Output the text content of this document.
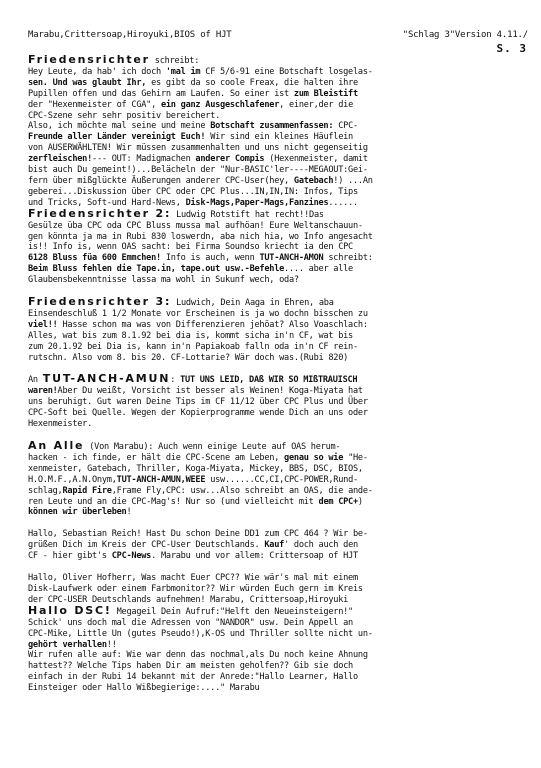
Marabu,Crittersoap,Hiroyuki,BIOS of HJT	"Schlag 3"Version 4.11./
S. 3
Friedensrichter schreibt:
Hey Leute, da hab' ich doch 'mal im CF 5/6-91 eine Botschaft losgelas-
sen. Und was glaubt Ihr, es gibt da so coole Freax, die halten ihre
Pupillen offen und das Gehirn am Laufen. So einer ist zum Bleistift
der "Hexenmeister of CGA", ein ganz Ausgeschlafener, einer,der die
CPC-Szene sehr sehr positiv bereichert.
Also, ich möchte mal seine und meine Botschaft zusammenfassen: CPC-
Freunde aller Länder vereinigt Euch! Wir sind ein kleines Häuflein
von AUSERWÄHLTEN! Wir müssen zusammenhalten und uns nicht gegenseitig
zerfleischen!--- OUT: Madigmachen anderer Compis (Hexenmeister, damit
bist auch Du gemeint!)...Belächeln der "Nur-BASIC'ler----MEGAOUT:Gei-
fern über mißglückte Äußerungen anderer CPC-User(hey, Gatebach!) ...An
geberei...Diskussion über CPC oder CPC Plus...IN,IN,IN: Infos, Tips
und Tricks, Soft-und Hard-News, Disk-Mags,Paper-Mags,Fanzines......
Friedensrichter 2: Ludwig Rotstift hat recht!!Das
Gesülze üba CPC oda CPC Bluss mussa mal aufhöan! Eure Weltanschauun-
gen könnta ja ma in Rubi 830 loswerdn, aba nich hia, wo Info angesacht
is!! Info is, wenn OAS sacht: bei Firma Soundso kriecht ia den CPC
6128 Bluss füa 600 Emmchen! Info is auch, wenn TUT-ANCH-AMON schreibt:
Beim Bluss fehlen die Tape.in, tape.out usw.-Befehle.... aber alle
Glaubensbekenntnisse lassa ma wohl in Sukunf wech, oda?
Friedensrichter 3: Ludwich, Dein Aaga in Ehren, aba
Einsendeschluß 1 1/2 Monate vor Erscheinen is ja wo dochn bisschen zu
viel!! Hasse schon ma was von Differenzieren jehöat? Also Voaschlach:
Alles, wat bis zum 8.1.92 bei dia is, kommt sicha in'n CF, wat bis
zum 20.1.92 bei Dia is, kann in'n Papiakoab falln oda in'n CF rein-
rutschn. Also vom 8. bis 20. CF-Lottarie? Wär doch was.(Rubi 820)
An TUT-ANCH-AMUN: TUT UNS LEID, DAß WIR SO MIßTRAUISCH
waren!Aber Du weißt, Vorsicht ist besser als Weinen! Koga-Miyata hat
uns beruhigt. Gut waren Deine Tips im CF 11/12 über CPC Plus und Über
CPC-Soft bei Quelle. Wegen der Kopierprogramme wende Dich an uns oder
Hexenmeister.
An Alle (Von Marabu): Auch wenn einige Leute auf OAS herum-
hacken - ich finde, er hält die CPC-Scene am Leben, genau so wie "He-
xenmeister, Gatebach, Thriller, Koga-Miyata, Mickey, BBS, DSC, BIOS,
H.O.M.F.,A.N.Onym,TUT-ANCH-AMUN,WEEE usw......CC,CI,CPC-POWER,Rund-
schlag,Rapid Fire,Frame Fly,CPC: usw...Also schreibt an OAS, die ande-
ren Leute und an die CPC-Mag's! Nur so (und vielleicht mit dem CPC+)
können wir überleben!
Hallo, Sebastian Reich! Hast Du schon Deine DD1 zum CPC 464 ? Wir be-
grüßen Dich im Kreis der CPC-User Deutschlands. Kauf' doch auch den
CF - hier gibt's CPC-News. Marabu und vor allem: Crittersoap of HJT
Hallo, Oliver Hofherr, Was macht Euer CPC?? Wie wär's mal mit einem
Disk-Laufwerk oder einem Farbmonitor?? Wir würden Euch gern im Kreis
der CPC-USER Deutschlands aufnehmen! Marabu, Crittersoap,Hiroyuki
Hallo DSC! Megageil Dein Aufruf:"Helft den Neueinsteigern!"
Schick' uns doch mal die Adressen von "NANDOR" usw. Dein Appell an
CPC-Mike, Little Un (gutes Pseudo!),K-OS und Thriller sollte nicht un-
gehört verhallen!!
Wir rufen alle auf: Wie war denn das nochmal,als Du noch keine Ahnung
hattest?? Welche Tips haben Dir am meisten geholfen?? Gib sie doch
einfach in der Rubi 14 bekannt mit der Anrede:"Hallo Learner, Hallo
Einsteiger oder Hallo Wißbegierige:...." Marabu
